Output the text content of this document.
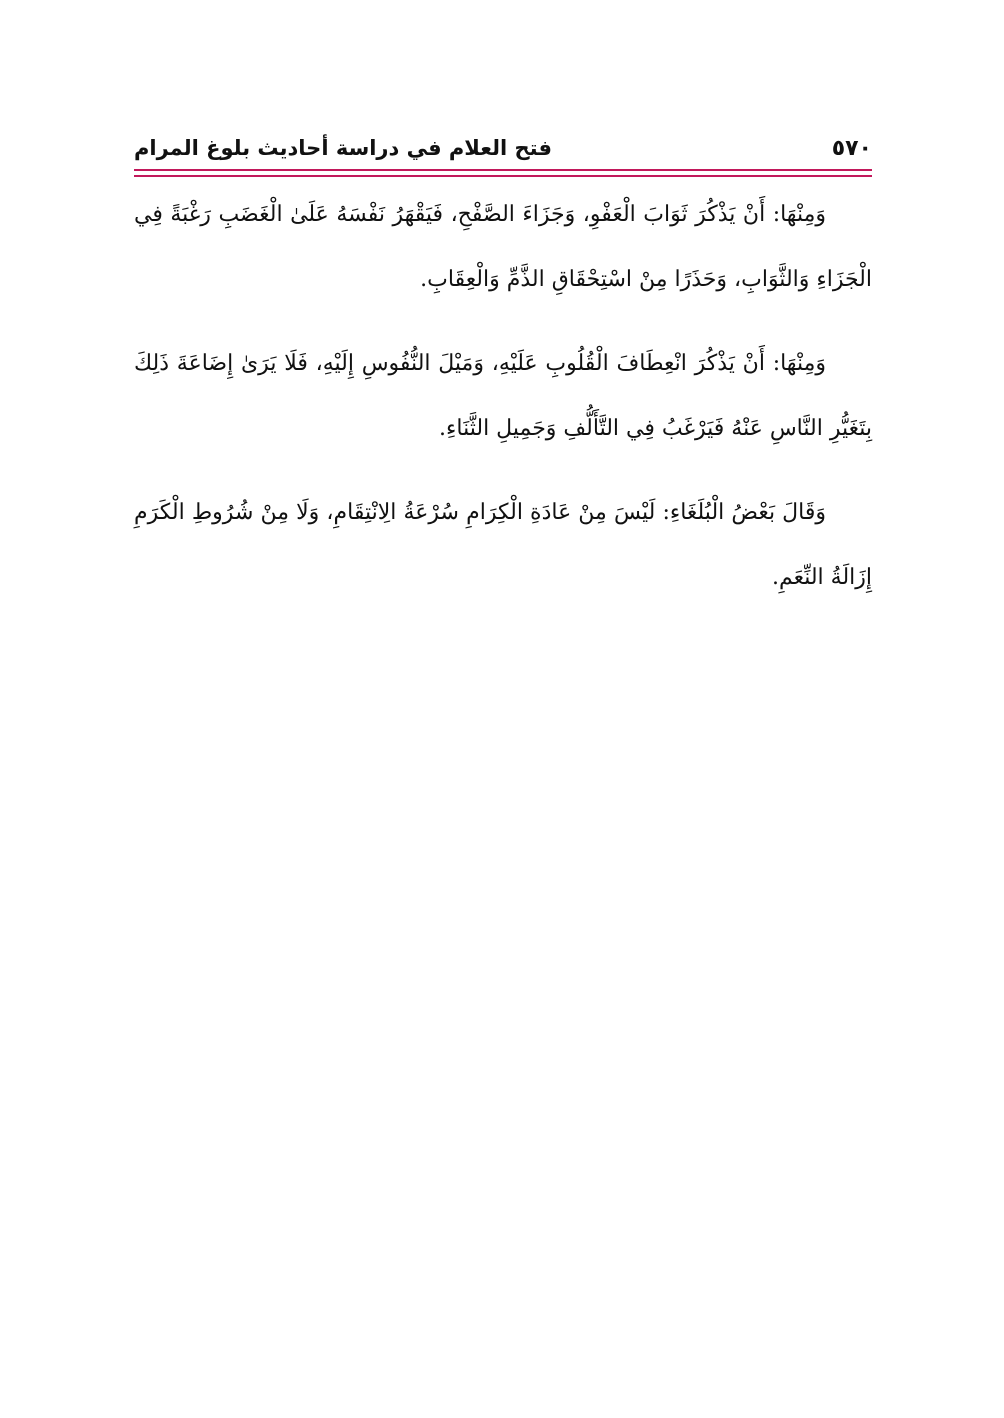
٥٧٠
فتح العلام في دراسة أحاديث بلوغ المرام

وَمِنْهَا: أَنْ يَذْكُرَ ثَوَابَ الْعَفْوِ، وَجَزَاءَ الصَّفْحِ، فَيَقْهَرُ نَفْسَهُ عَلَىٰ الْغَضَبِ رَغْبَةً فِي الْجَزَاءِ وَالثَّوَابِ، وَحَذَرًا مِنْ اسْتِحْقَاقِ الذَّمِّ وَالْعِقَابِ.

وَمِنْهَا: أَنْ يَذْكُرَ انْعِطَافَ الْقُلُوبِ عَلَيْهِ، وَمَيْلَ النُّفُوسِ إِلَيْهِ، فَلَا يَرَىٰ إِضَاعَةَ ذَلِكَ بِتَغَيُّرِ النَّاسِ عَنْهُ فَيَرْغَبُ فِي التَّأَلُّفِ وَجَمِيلِ الثَّنَاءِ.

وَقَالَ بَعْضُ الْبُلَغَاءِ: لَيْسَ مِنْ عَادَةِ الْكِرَامِ سُرْعَةُ الِانْتِقَامِ، وَلَا مِنْ شُرُوطِ الْكَرَمِ إِزَالَةُ النِّعَمِ.
